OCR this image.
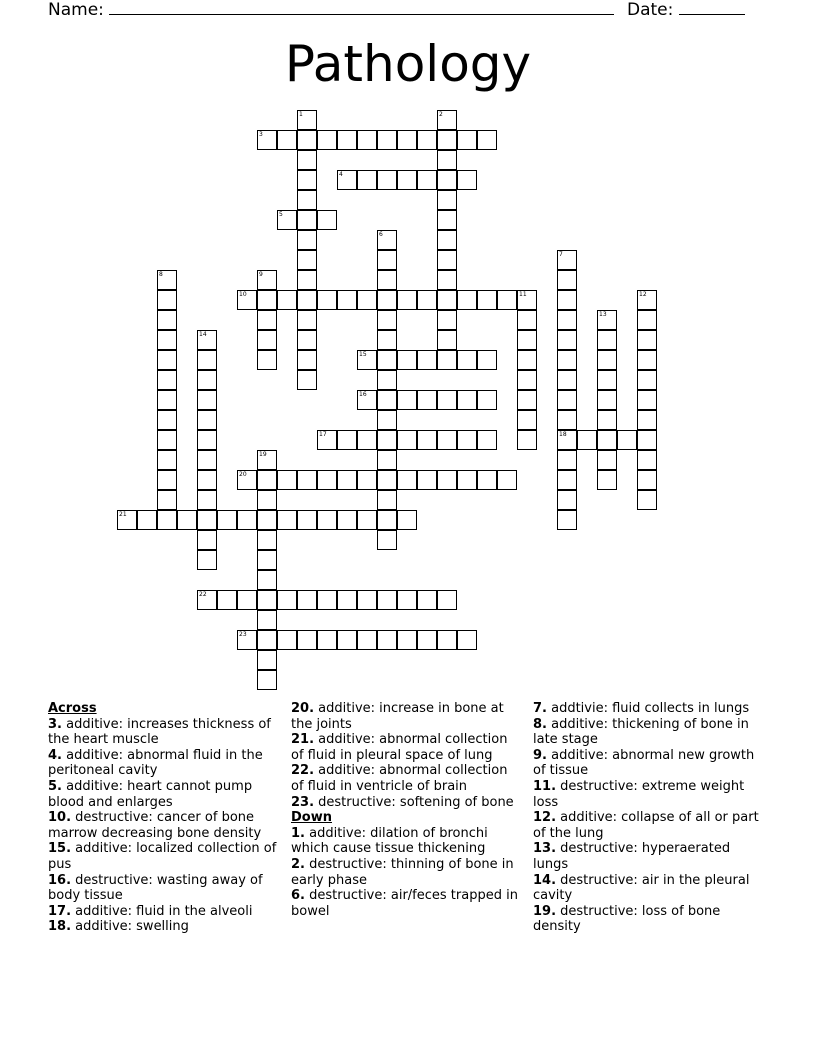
Name:	Date:
Pathology
1	2
3
4
5
6
7
18
8	9
10	11	12
13
14
15
16
17
19
20
21
22
23
Across
3. additive: increases thickness of the heart muscle
4. additive: abnormal fluid in the peritoneal cavity
5. additive: heart cannot pump blood and enlarges
10. destructive: cancer of bone marrow decreasing bone density
15. additive: localized collection of pus
16. destructive: wasting away of body tissue
17. additive: fluid in the alveoli
18. additive: swelling
20. additive: increase in bone at the joints
21. additive: abnormal collection of fluid in pleural space of lung
22. additive: abnormal collection of fluid in ventricle of brain
23. destructive: softening of bone
Down
1. additive: dilation of bronchi which cause tissue thickening
2. destructive: thinning of bone in early phase
6. destructive: air/feces trapped in bowel
7. addtivie: fluid collects in lungs
8. additive: thickening of bone in late stage
9. additive: abnormal new growth of tissue
11. destructive: extreme weight loss
12. additive: collapse of all or part of the lung
13. destructive: hyperaerated lungs
14. destructive: air in the pleural cavity
19. destructive: loss of bone density
